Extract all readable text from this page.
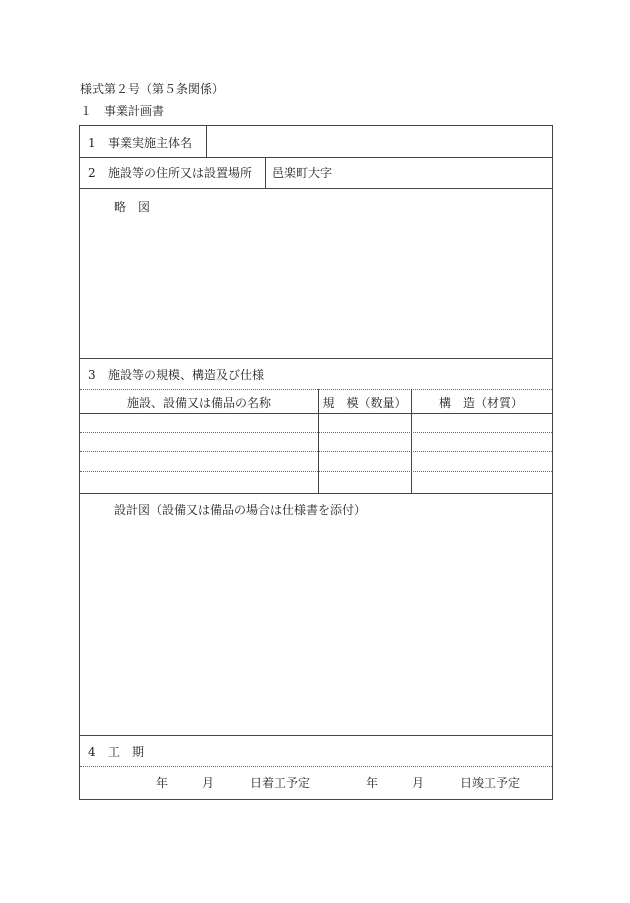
様式第２号（第５条関係）
１　事業計画書
1 事業実施主体名
2 施設等の住所又は設置場所 邑楽町大字
略　図
3 施設等の規模、構造及び仕様
施設、設備又は備品の名称	規　模（数量）	構　造（材質）
設計図（設備又は備品の場合は仕様書を添付）
4 工　期
年	月	日着工予定	年	月	日竣工予定
